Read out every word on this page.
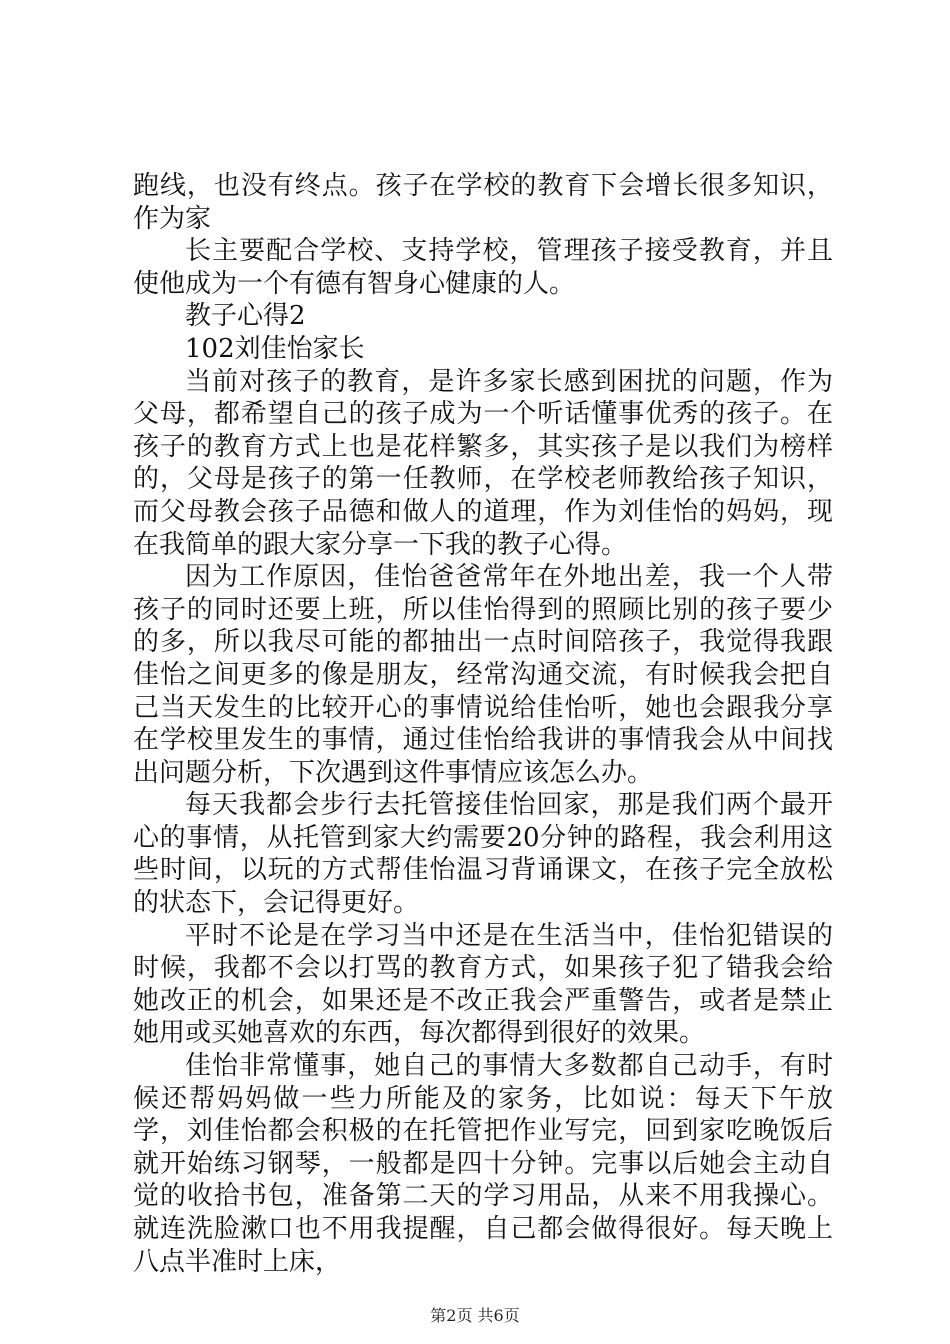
跑线，也没有终点。孩子在学校的教育下会增长很多知识，作为家

长主要配合学校、支持学校，管理孩子接受教育，并且使他成为一个有德有智身心健康的人。

教子心得2

102刘佳怡家长

当前对孩子的教育，是许多家长感到困扰的问题，作为父母，都希望自己的孩子成为一个听话懂事优秀的孩子。在孩子的教育方式上也是花样繁多，其实孩子是以我们为榜样的，父母是孩子的第一任教师，在学校老师教给孩子知识，而父母教会孩子品德和做人的道理，作为刘佳怡的妈妈，现在我简单的跟大家分享一下我的教子心得。

因为工作原因，佳怡爸爸常年在外地出差，我一个人带孩子的同时还要上班，所以佳怡得到的照顾比别的孩子要少的多，所以我尽可能的都抽出一点时间陪孩子，我觉得我跟佳怡之间更多的像是朋友，经常沟通交流，有时候我会把自己当天发生的比较开心的事情说给佳怡听，她也会跟我分享在学校里发生的事情，通过佳怡给我讲的事情我会从中间找出问题分析，下次遇到这件事情应该怎么办。

每天我都会步行去托管接佳怡回家，那是我们两个最开心的事情，从托管到家大约需要20分钟的路程，我会利用这些时间，以玩的方式帮佳怡温习背诵课文，在孩子完全放松的状态下，会记得更好。

平时不论是在学习当中还是在生活当中，佳怡犯错误的时候，我都不会以打骂的教育方式，如果孩子犯了错我会给她改正的机会，如果还是不改正我会严重警告，或者是禁止她用或买她喜欢的东西，每次都得到很好的效果。

佳怡非常懂事，她自己的事情大多数都自己动手，有时候还帮妈妈做一些力所能及的家务，比如说：每天下午放学，刘佳怡都会积极的在托管把作业写完，回到家吃晚饭后就开始练习钢琴，一般都是四十分钟。完事以后她会主动自觉的收拾书包，准备第二天的学习用品，从来不用我操心。就连洗脸漱口也不用我提醒，自己都会做得很好。每天晚上八点半准时上床，

第2页 共6页
